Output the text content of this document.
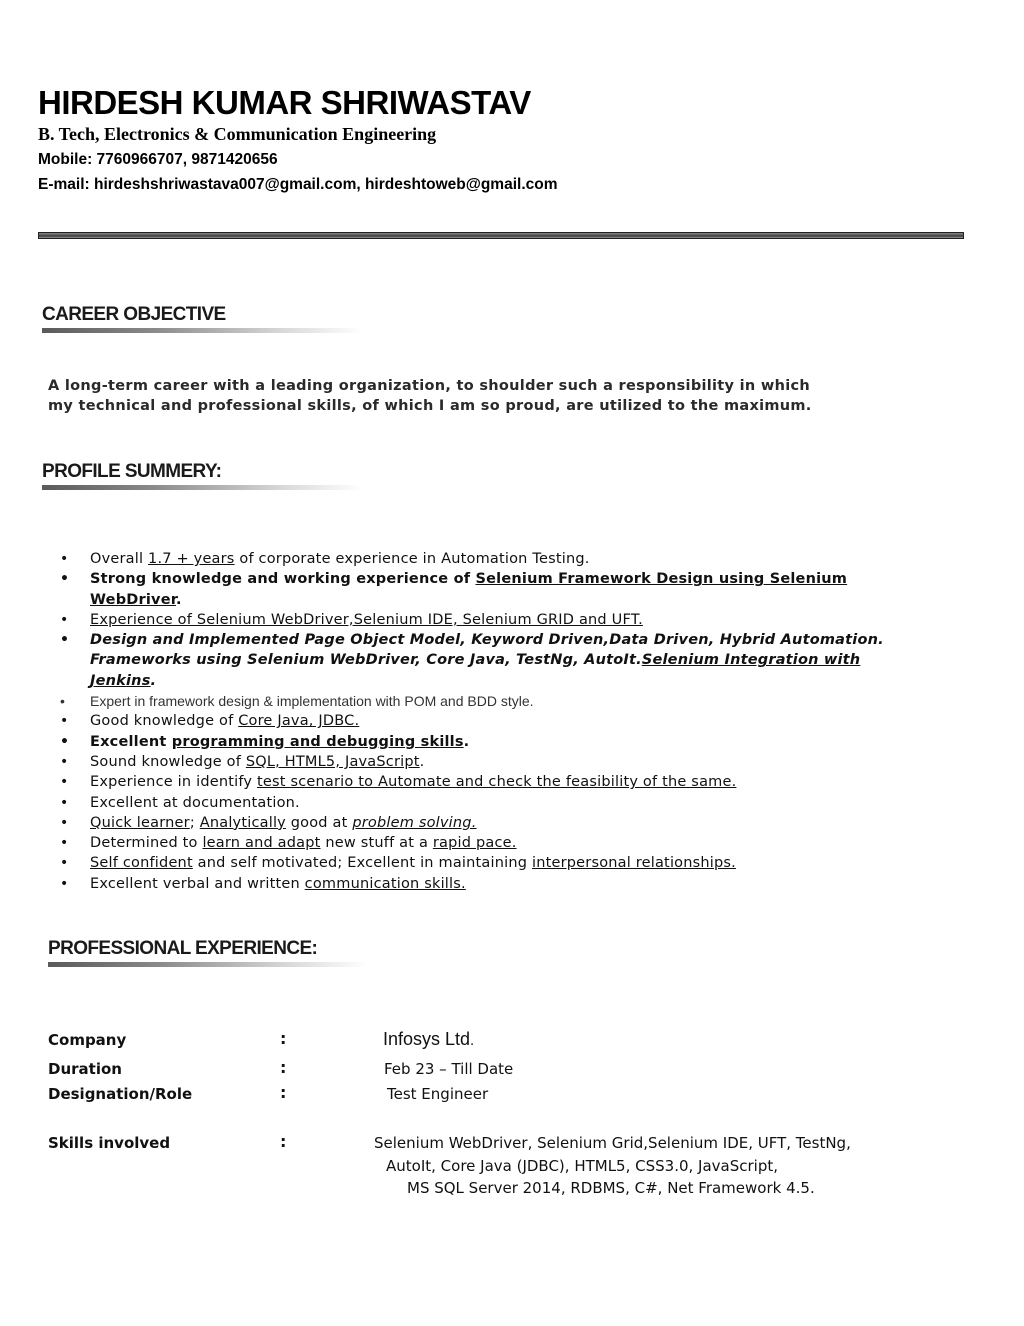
HIRDESH KUMAR SHRIWASTAV
B. Tech, Electronics & Communication Engineering
Mobile: 7760966707, 9871420656
E-mail: hirdeshshriwastava007@gmail.com, hirdeshtoweb@gmail.com
CAREER OBJECTIVE
A long-term career with a leading organization, to shoulder such a responsibility in which
my technical and professional skills, of which I am so proud, are utilized to the maximum.
PROFILE SUMMERY:
• Overall 1.7 + years of corporate experience in Automation Testing.
• Strong knowledge and working experience of Selenium Framework Design using Selenium WebDriver.
• Experience of Selenium WebDriver,Selenium IDE, Selenium GRID and UFT.
• Design and Implemented Page Object Model, Keyword Driven,Data Driven, Hybrid Automation. Frameworks using Selenium WebDriver, Core Java, TestNg, AutoIt.Selenium Integration with Jenkins.
• Expert in framework design & implementation with POM and BDD style.
• Good knowledge of Core Java, JDBC.
• Excellent programming and debugging skills.
• Sound knowledge of SQL, HTML5, JavaScript.
• Experience in identify test scenario to Automate and check the feasibility of the same.
• Excellent at documentation.
• Quick learner; Analytically good at problem solving.
• Determined to learn and adapt new stuff at a rapid pace.
• Self confident and self motivated; Excellent in maintaining interpersonal relationships.
• Excellent verbal and written communication skills.
PROFESSIONAL EXPERIENCE:
Company	:	Infosys Ltd.
Duration	:	Feb 23 – Till Date
Designation/Role	:	Test Engineer
Skills involved	:	Selenium WebDriver, Selenium Grid,Selenium IDE, UFT, TestNg,
AutoIt, Core Java (JDBC), HTML5, CSS3.0, JavaScript,
MS SQL Server 2014, RDBMS, C#, Net Framework 4.5.
